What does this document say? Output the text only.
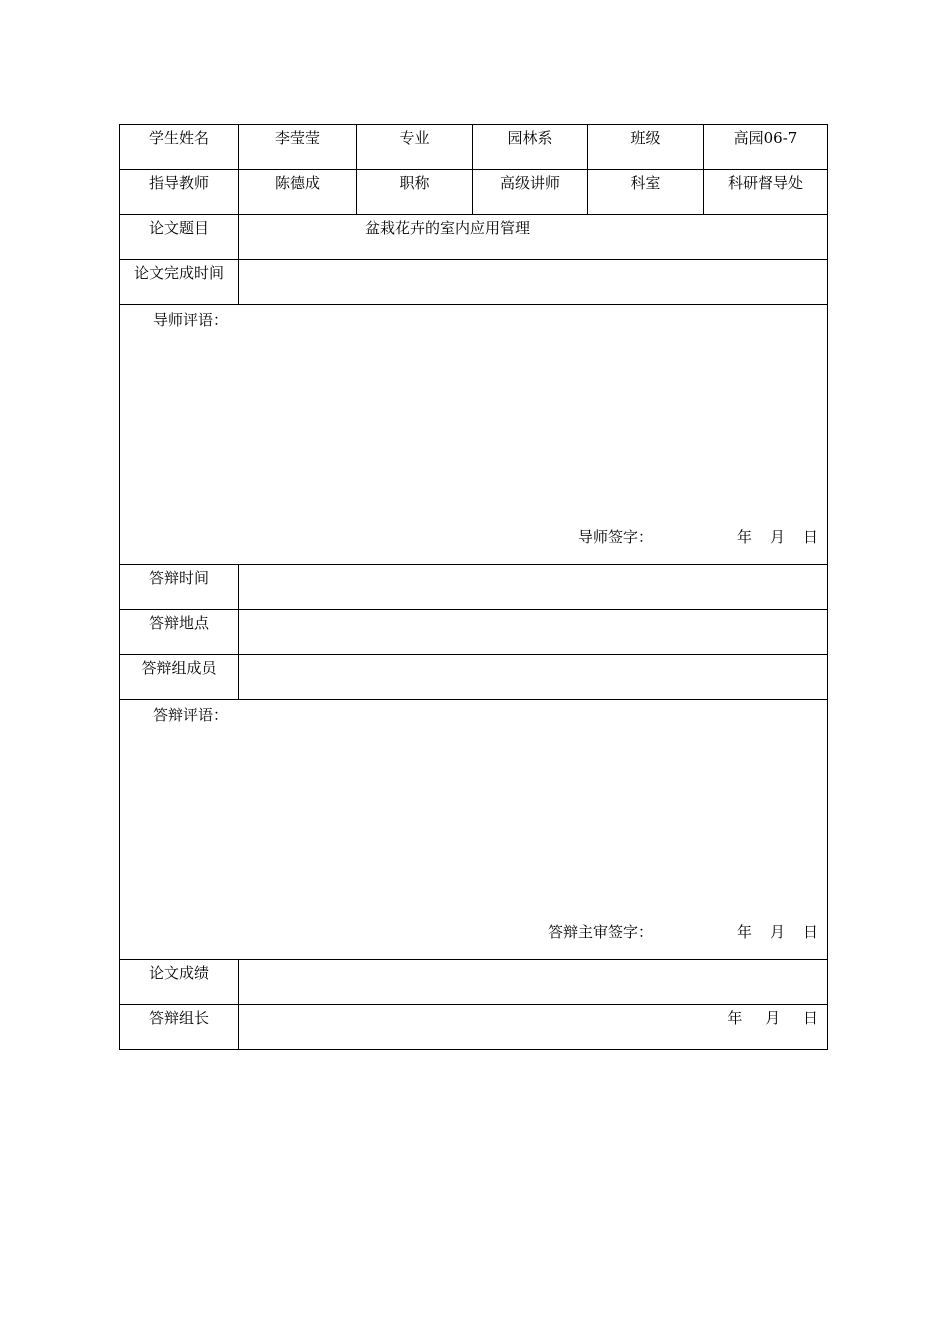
学生姓名	李莹莹	专业	园林系	班级	高园06-7

指导教师	陈德成	职称	高级讲师	科室	科研督导处

论文题目	盆栽花卉的室内应用管理				

论文完成时间					

导师评语：
导师签字： 年 月 日					

答辩时间					

答辩地点					

答辩组成员					

答辩评语：
答辩主审签字： 年 月 日					

论文成绩					

答辩组长	年 月 日				
